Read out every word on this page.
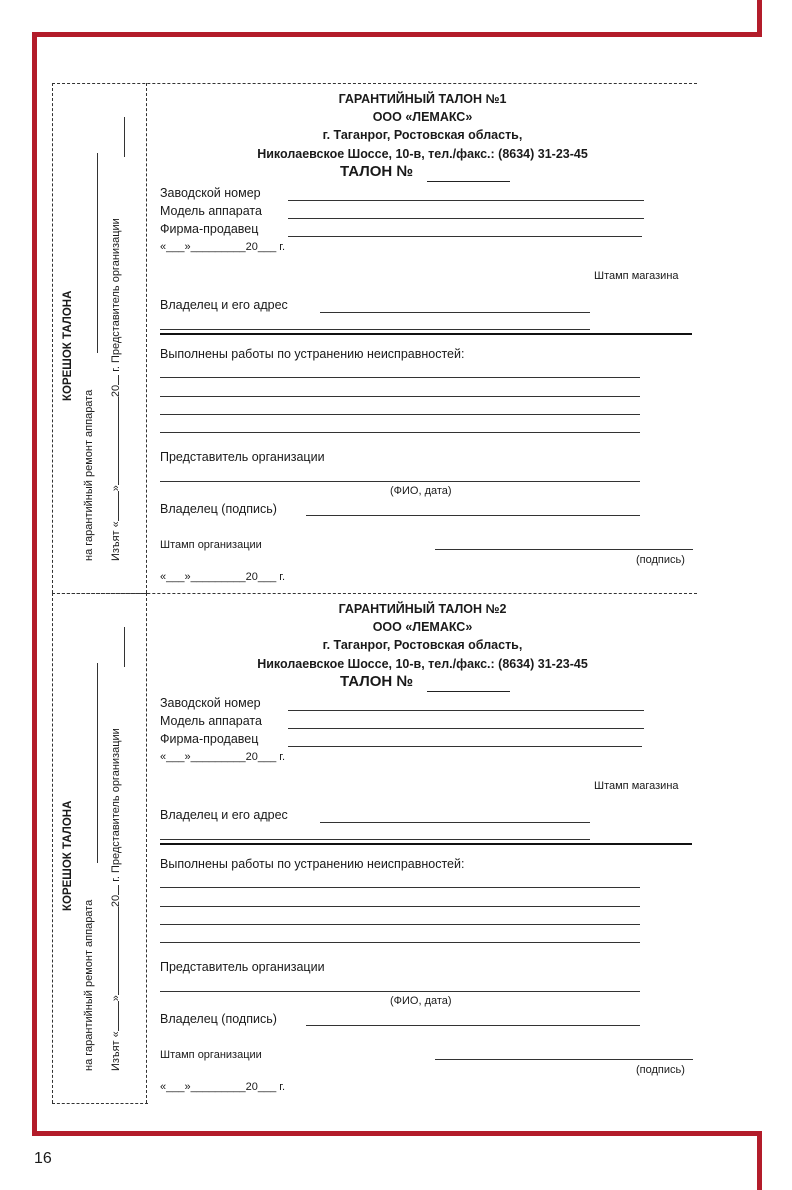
КОРЕШОК ТАЛОНА
на гарантийный ремонт аппарата Изъят «»20 г. Представитель организации
ГАРАНТИЙНЫЙ ТАЛОН №1
ООО «ЛЕМАКС»
г. Таганрог, Ростовская область,
Николаевское Шоссе, 10-в, тел./факс.: (8634) 31-23-45
ТАЛОН №
Заводской номер
Модель аппарата
Фирма-продавец
«___»_________20___ г.
Штамп магазина
Владелец и его адрес
Выполнены работы по устранению неисправностей:
Представитель организации
(ФИО, дата)
Владелец (подпись)
Штамп организации
(подпись)
«___»_________20___ г.
КОРЕШОК ТАЛОНА
на гарантийный ремонт аппарата Изъят «»20 г. Представитель организации
ГАРАНТИЙНЫЙ ТАЛОН №2
ООО «ЛЕМАКС»
г. Таганрог, Ростовская область,
Николаевское Шоссе, 10-в, тел./факс.: (8634) 31-23-45
ТАЛОН №
Заводской номер
Модель аппарата
Фирма-продавец
«___»_________20___ г.
Штамп магазина
Владелец и его адрес
Выполнены работы по устранению неисправностей:
Представитель организации
(ФИО, дата)
Владелец (подпись)
Штамп организации
(подпись)
«___»_________20___ г.
16
